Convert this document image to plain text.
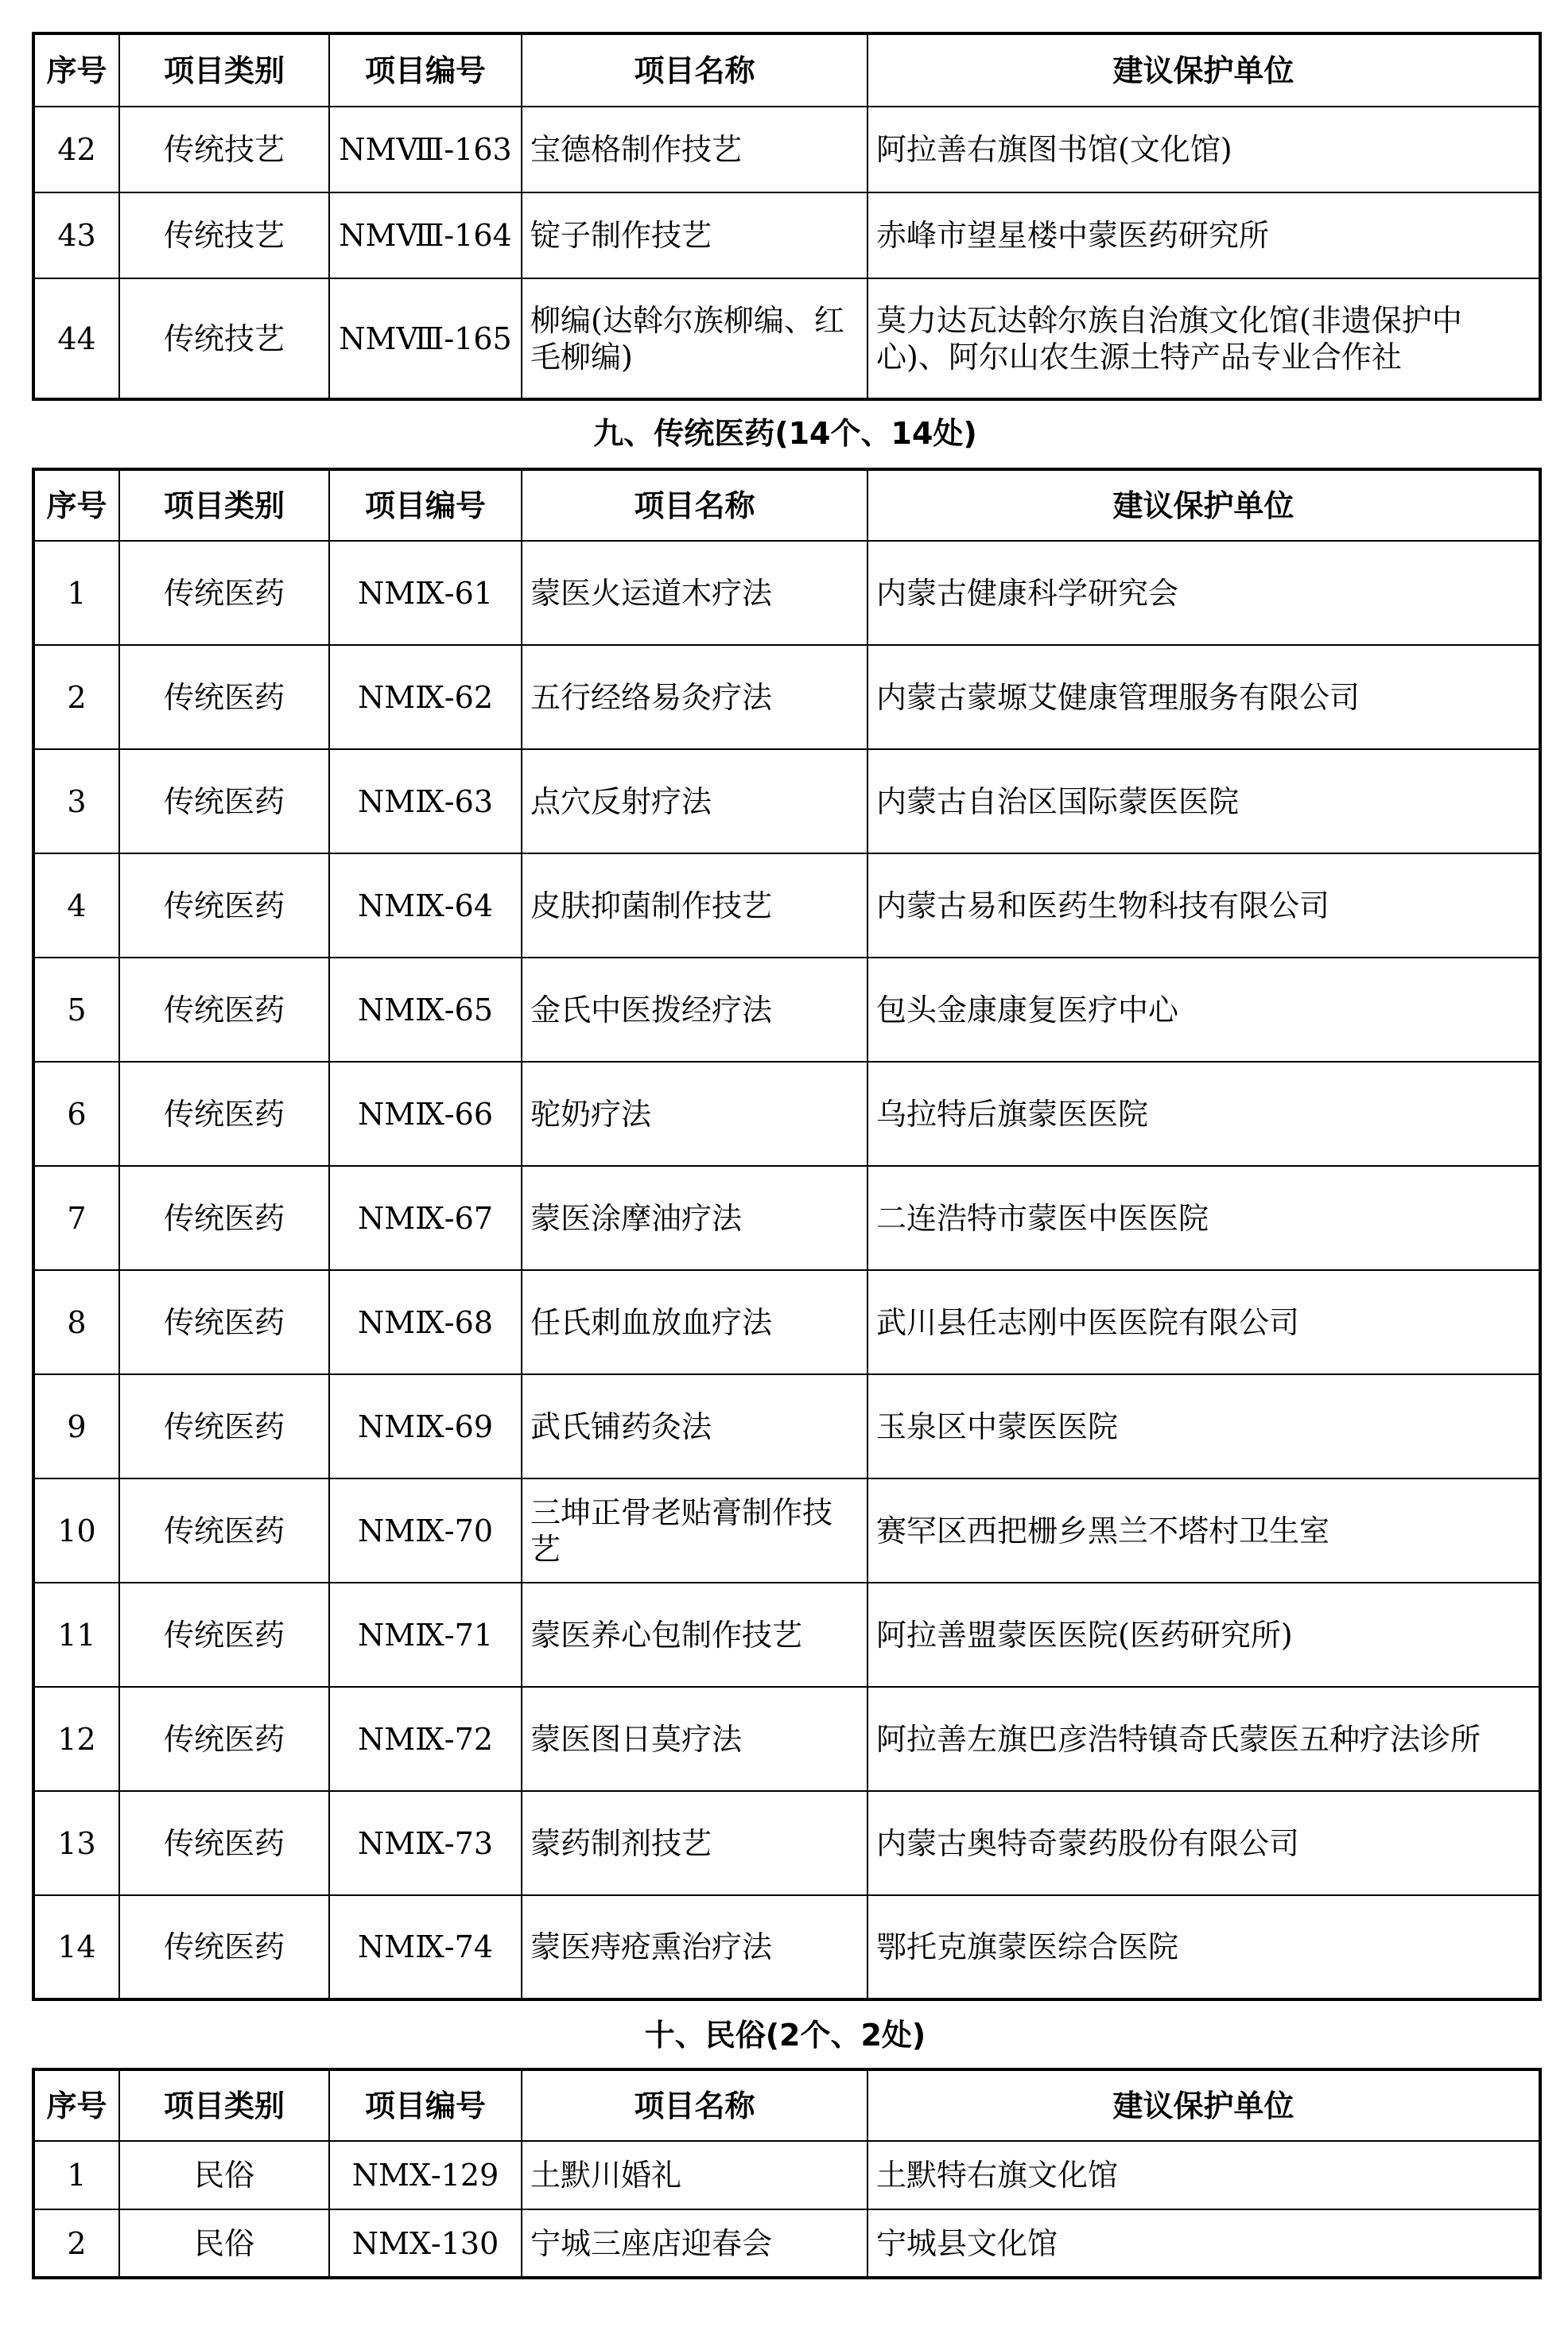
序号	项目类别	项目编号	项目名称	建议保护单位
42	传统技艺	NMⅧ-163	宝德格制作技艺	阿拉善右旗图书馆(文化馆)
43	传统技艺	NMⅧ-164	锭子制作技艺	赤峰市望星楼中蒙医药研究所
44	传统技艺	NMⅧ-165	柳编(达斡尔族柳编、红毛柳编)	莫力达瓦达斡尔族自治旗文化馆(非遗保护中心)、阿尔山农生源土特产品专业合作社
九、传统医药(14个、14处)
序号	项目类别	项目编号	项目名称	建议保护单位
1	传统医药	NMⅨ-61	蒙医火运道木疗法	内蒙古健康科学研究会
2	传统医药	NMⅨ-62	五行经络易灸疗法	内蒙古蒙塬艾健康管理服务有限公司
3	传统医药	NMⅨ-63	点穴反射疗法	内蒙古自治区国际蒙医医院
4	传统医药	NMⅨ-64	皮肤抑菌制作技艺	内蒙古易和医药生物科技有限公司
5	传统医药	NMⅨ-65	金氏中医拨经疗法	包头金康康复医疗中心
6	传统医药	NMⅨ-66	驼奶疗法	乌拉特后旗蒙医医院
7	传统医药	NMⅨ-67	蒙医涂摩油疗法	二连浩特市蒙医中医医院
8	传统医药	NMⅨ-68	任氏刺血放血疗法	武川县任志刚中医医院有限公司
9	传统医药	NMⅨ-69	武氏铺药灸法	玉泉区中蒙医医院
10	传统医药	NMⅨ-70	三坤正骨老贴膏制作技艺	赛罕区西把栅乡黑兰不塔村卫生室
11	传统医药	NMⅨ-71	蒙医养心包制作技艺	阿拉善盟蒙医医院(医药研究所)
12	传统医药	NMⅨ-72	蒙医图日莫疗法	阿拉善左旗巴彦浩特镇奇氏蒙医五种疗法诊所
13	传统医药	NMⅨ-73	蒙药制剂技艺	内蒙古奥特奇蒙药股份有限公司
14	传统医药	NMⅨ-74	蒙医痔疮熏治疗法	鄂托克旗蒙医综合医院
十、民俗(2个、2处)
序号	项目类别	项目编号	项目名称	建议保护单位
1	民俗	NMⅩ-129	土默川婚礼	土默特右旗文化馆
2	民俗	NMⅩ-130	宁城三座店迎春会	宁城县文化馆
